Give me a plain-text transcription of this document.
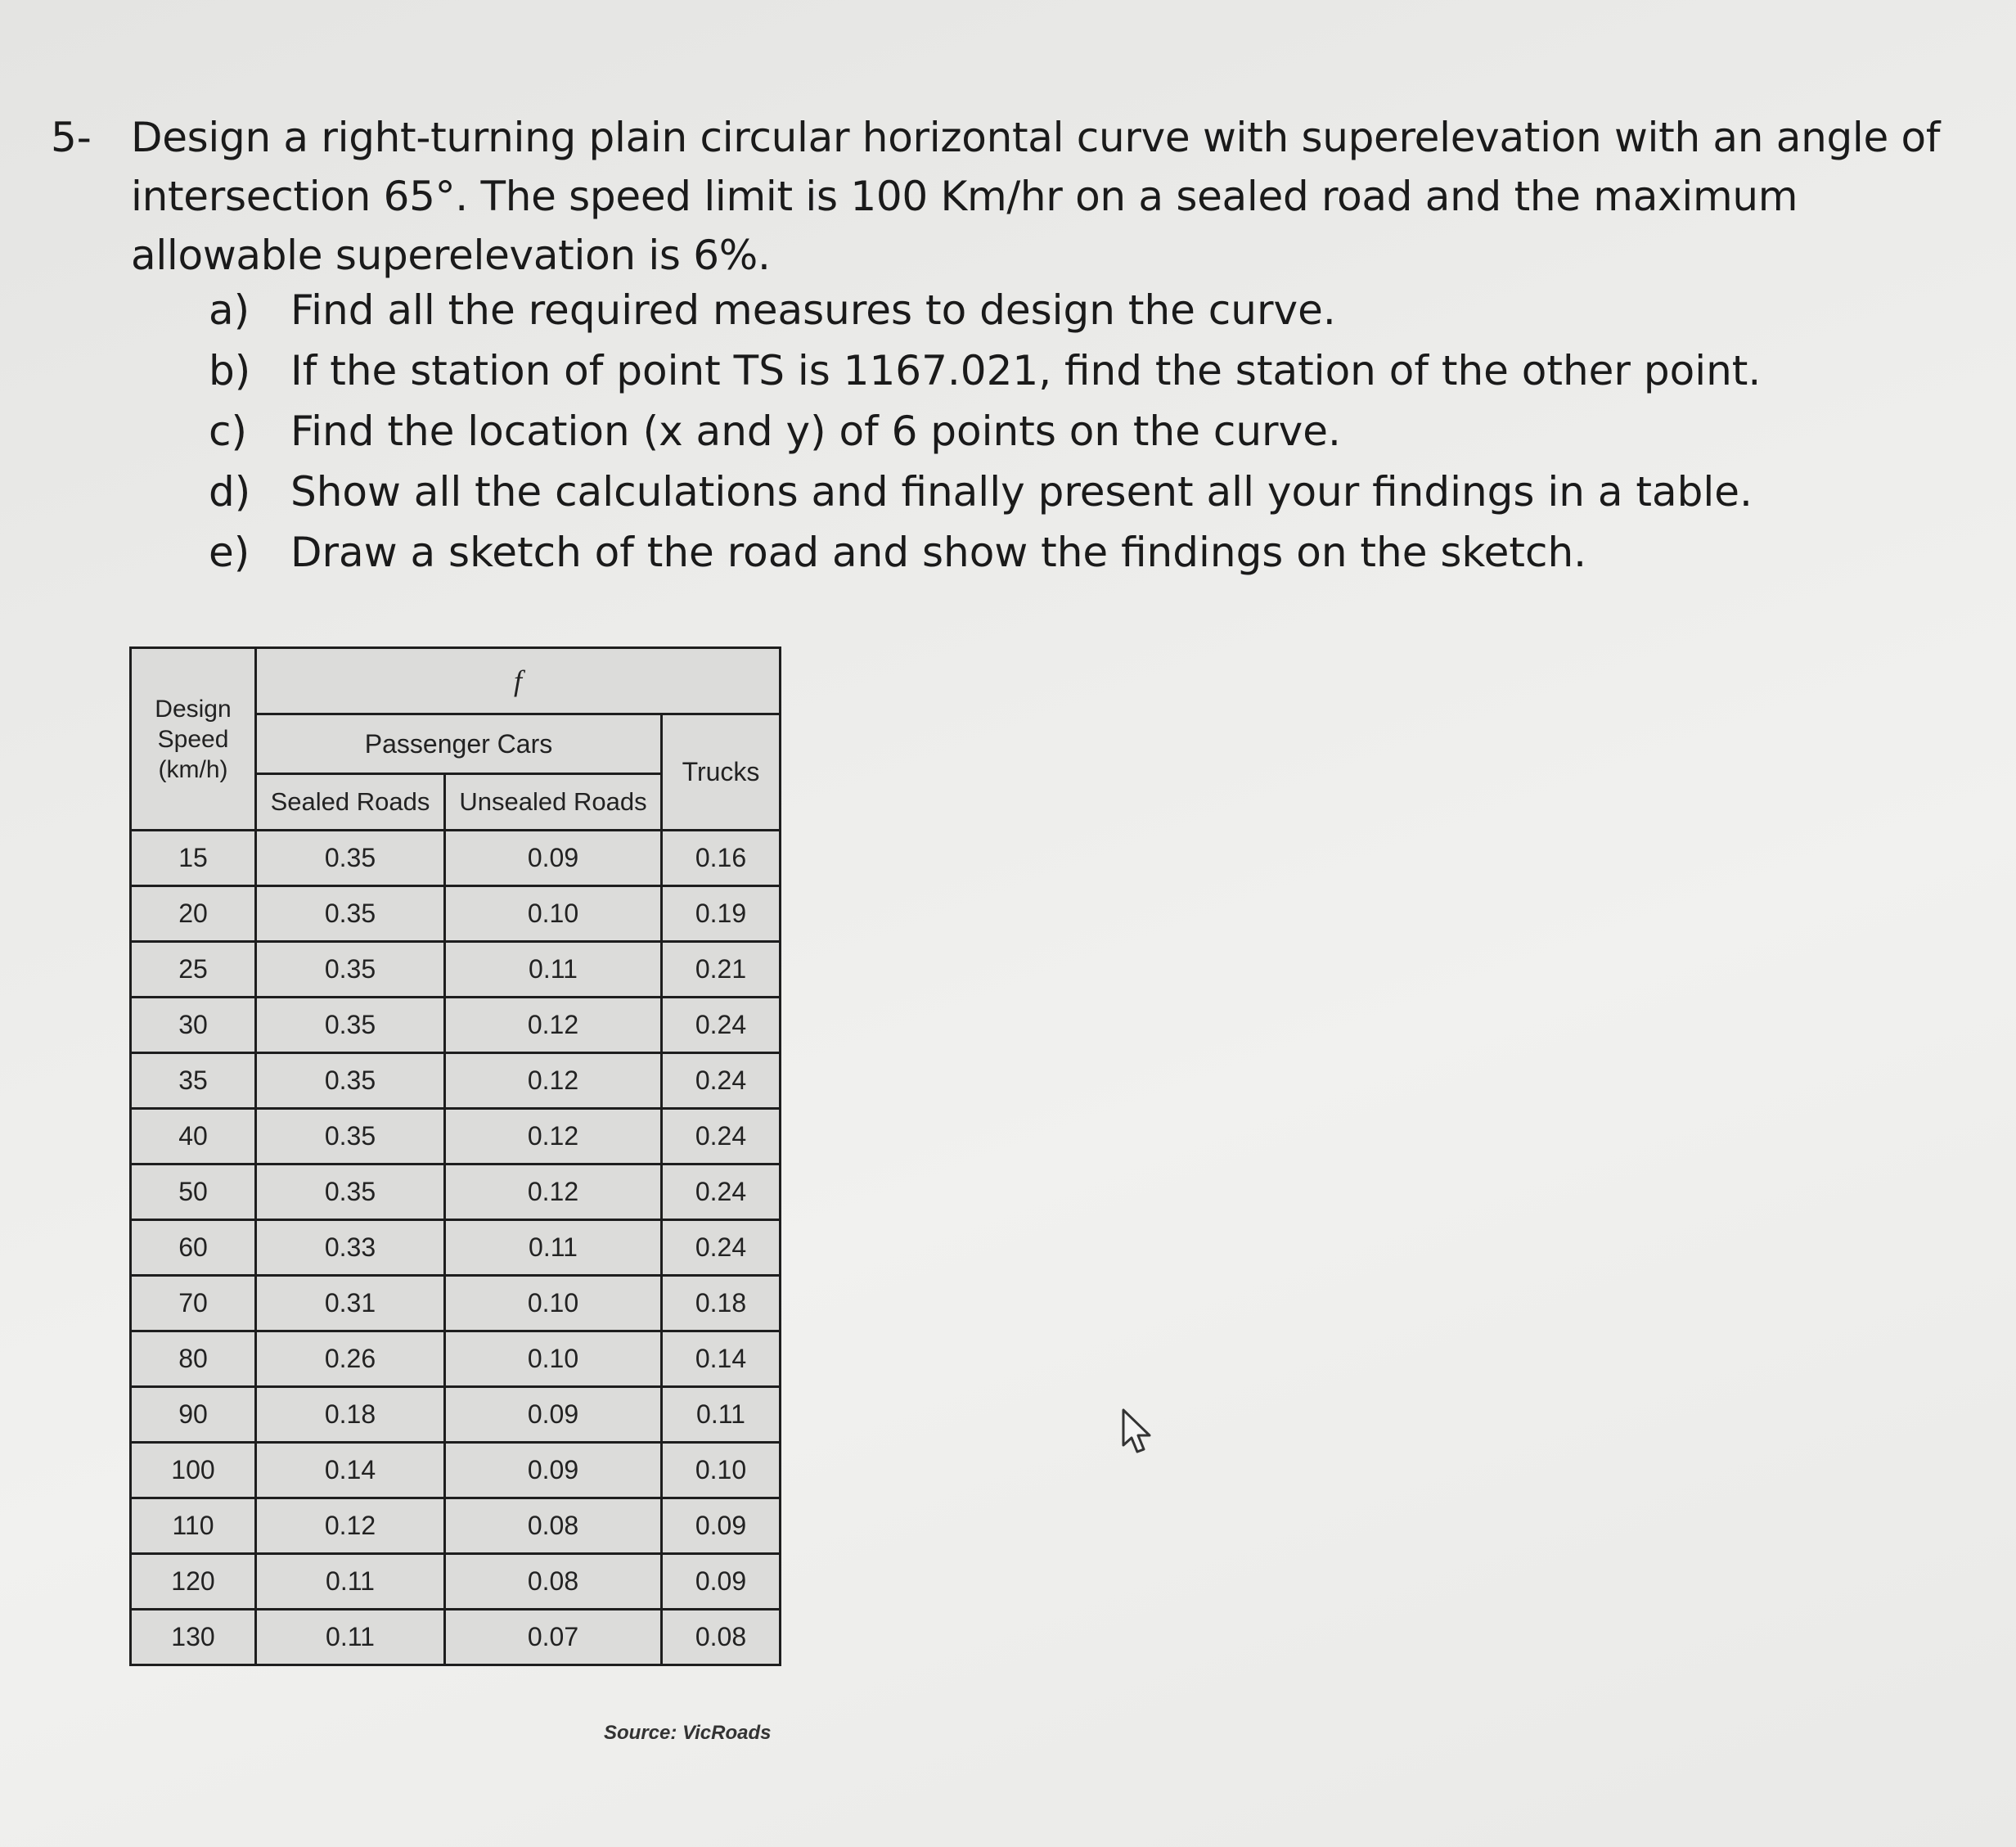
5- Design a right-turning plain circular horizontal curve with superelevation with an angle of intersection 65°. The speed limit is 100 Km/hr on a sealed road and the maximum allowable superelevation is 6%.
a) Find all the required measures to design the curve.
b) If the station of point TS is 1167.021, find the station of the other point.
c) Find the location (x and y) of 6 points on the curve.
d) Show all the calculations and finally present all your findings in a table.
e) Draw a sketch of the road and show the findings on the sketch.
Design Speed (km/h)	f		
	Passenger Cars		Trucks
	Sealed Roads	Unsealed Roads	
15	0.35	0.09	0.16
20	0.35	0.10	0.19
25	0.35	0.11	0.21
30	0.35	0.12	0.24
35	0.35	0.12	0.24
40	0.35	0.12	0.24
50	0.35	0.12	0.24
60	0.33	0.11	0.24
70	0.31	0.10	0.18
80	0.26	0.10	0.14
90	0.18	0.09	0.11
100	0.14	0.09	0.10
110	0.12	0.08	0.09
120	0.11	0.08	0.09
130	0.11	0.07	0.08
Source: VicRoads
